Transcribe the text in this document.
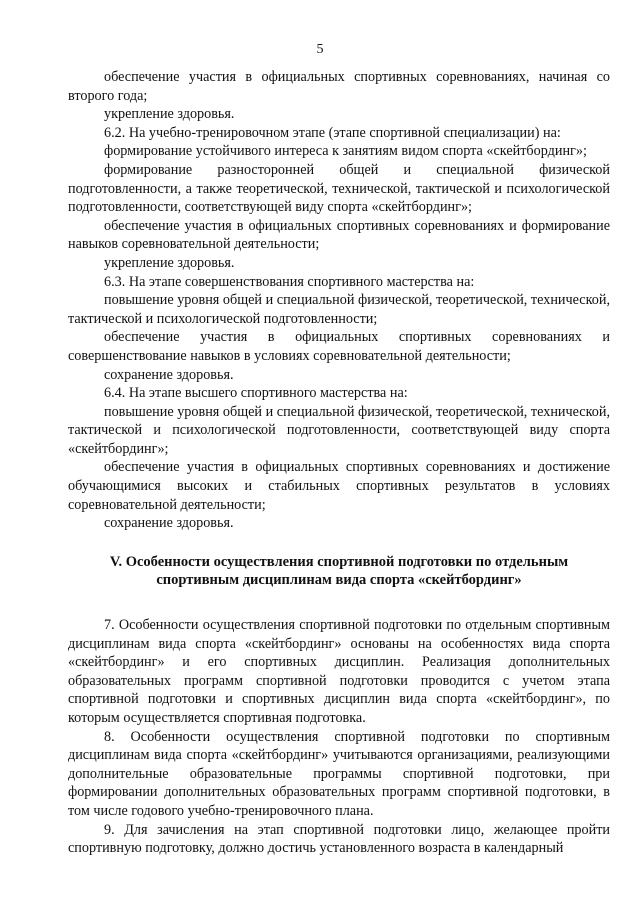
5

обеспечение участия в официальных спортивных соревнованиях, начиная со второго года;

укрепление здоровья.

6.2. На учебно-тренировочном этапе (этапе спортивной специализации) на:

формирование устойчивого интереса к занятиям видом спорта «скейтбординг»;

формирование разносторонней общей и специальной физической подготовленности, а также теоретической, технической, тактической и психологической подготовленности, соответствующей виду спорта «скейтбординг»;

обеспечение участия в официальных спортивных соревнованиях и формирование навыков соревновательной деятельности;

укрепление здоровья.

6.3. На этапе совершенствования спортивного мастерства на:

повышение уровня общей и специальной физической, теоретической, технической, тактической и психологической подготовленности;

обеспечение участия в официальных спортивных соревнованиях и совершенствование навыков в условиях соревновательной деятельности;

сохранение здоровья.

6.4. На этапе высшего спортивного мастерства на:

повышение уровня общей и специальной физической, теоретической, технической, тактической и психологической подготовленности, соответствующей виду спорта «скейтбординг»;

обеспечение участия в официальных спортивных соревнованиях и достижение обучающимися высоких и стабильных спортивных результатов в условиях соревновательной деятельности;

сохранение здоровья.

V. Особенности осуществления спортивной подготовки по отдельным
спортивным дисциплинам вида спорта «скейтбординг»

7. Особенности осуществления спортивной подготовки по отдельным спортивным дисциплинам вида спорта «скейтбординг» основаны на особенностях вида спорта «скейтбординг» и его спортивных дисциплин. Реализация дополнительных образовательных программ спортивной подготовки проводится с учетом этапа спортивной подготовки и спортивных дисциплин вида спорта «скейтбординг», по которым осуществляется спортивная подготовка.

8. Особенности осуществления спортивной подготовки по спортивным дисциплинам вида спорта «скейтбординг» учитываются организациями, реализующими дополнительные образовательные программы спортивной подготовки, при формировании дополнительных образовательных программ спортивной подготовки, в том числе годового учебно-тренировочного плана.

9. Для зачисления на этап спортивной подготовки лицо, желающее пройти спортивную подготовку, должно достичь установленного возраста в календарный
